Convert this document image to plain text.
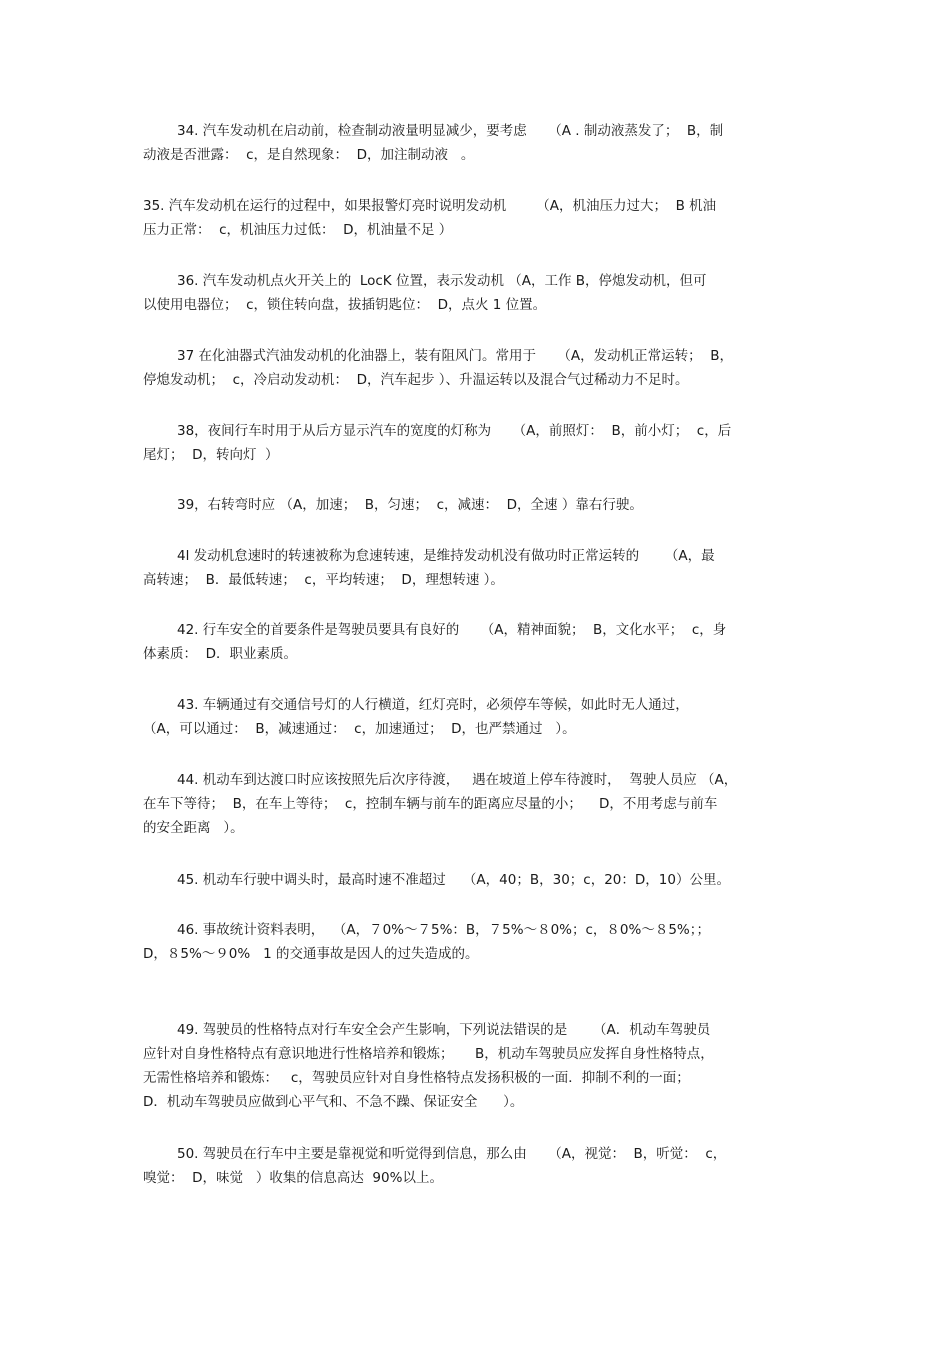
34. 汽车发动机在启动前，检查制动液量明显减少，要考虑     （A . 制动液蒸发了；  B，制
动液是否泄露：  c，是自然现象：  D，加注制动液   。
35. 汽车发动机在运行的过程中，如果报警灯亮时说明发动机       （A，机油压力过大；  B 机油
压力正常：  c，机油压力过低：  D，机油量不足 ）
36. 汽车发动机点火开关上的  LocK 位置，表示发动机 （A，工作 B，停熄发动机，但可
以使用电器位；  c，锁住转向盘，拔插钥匙位：  D，点火 1 位置。
37 在化油器式汽油发动机的化油器上，装有阻风门。常用于     （A，发动机正常运转；  B，
停熄发动机；  c，冷启动发动机：  D，汽车起步 ）、升温运转以及混合气过稀动力不足时。
38，夜间行车时用于从后方显示汽车的宽度的灯称为     （A，前照灯：  B，前小灯；  c，后
尾灯；  D，转向灯  ）
39，右转弯时应 （A，加速；  B，匀速；  c，减速：  D，全速 ）靠右行驶。
4l 发动机怠速时的转速被称为怠速转速，是维持发动机没有做功时正常运转的      （A，最
高转速；  B．最低转速；  c，平均转速；  D，理想转速 ）。
42. 行车安全的首要条件是驾驶员要具有良好的     （A，精神面貌；  B，文化水平；  c，身
体素质：  D．职业素质。
43. 车辆通过有交通信号灯的人行横道，红灯亮时，必须停车等候，如此时无人通过，
（A，可以通过：  B，减速通过：  c，加速通过；  D，也严禁通过   ）。
44. 机动车到达渡口时应该按照先后次序待渡，   遇在坡道上停车待渡时，  驾驶人员应 （A，
在车下等待；  B，在车上等待；  c，控制车辆与前车的距离应尽量的小；    D，不用考虑与前车
的安全距离   ）。
45. 机动车行驶中调头时，最高时速不准超过    （A，40；B，30；c，20：D，10）公里。
46. 事故统计资料表明，  （A，７0%～７5%：B，７5%～８0%；c，８0%～８5%；；
D，８5%～９0%   1 的交通事故是因人的过失造成的。
49. 驾驶员的性格特点对行车安全会产生影响，下列说法错误的是      （A．机动车驾驶员
应针对自身性格特点有意识地进行性格培养和锻炼；     B，机动车驾驶员应发挥自身性格特点，
无需性格培养和锻炼：   c，驾驶员应针对自身性格特点发扬积极的一面．抑制不利的一面；
D．机动车驾驶员应做到心平气和、不急不躁、保证安全      ）。
50. 驾驶员在行车中主要是靠视觉和听觉得到信息，那么由     （A，视觉：  B，听觉：  c，
嗅觉：  D，味觉   ）收集的信息高达  90%以上。
